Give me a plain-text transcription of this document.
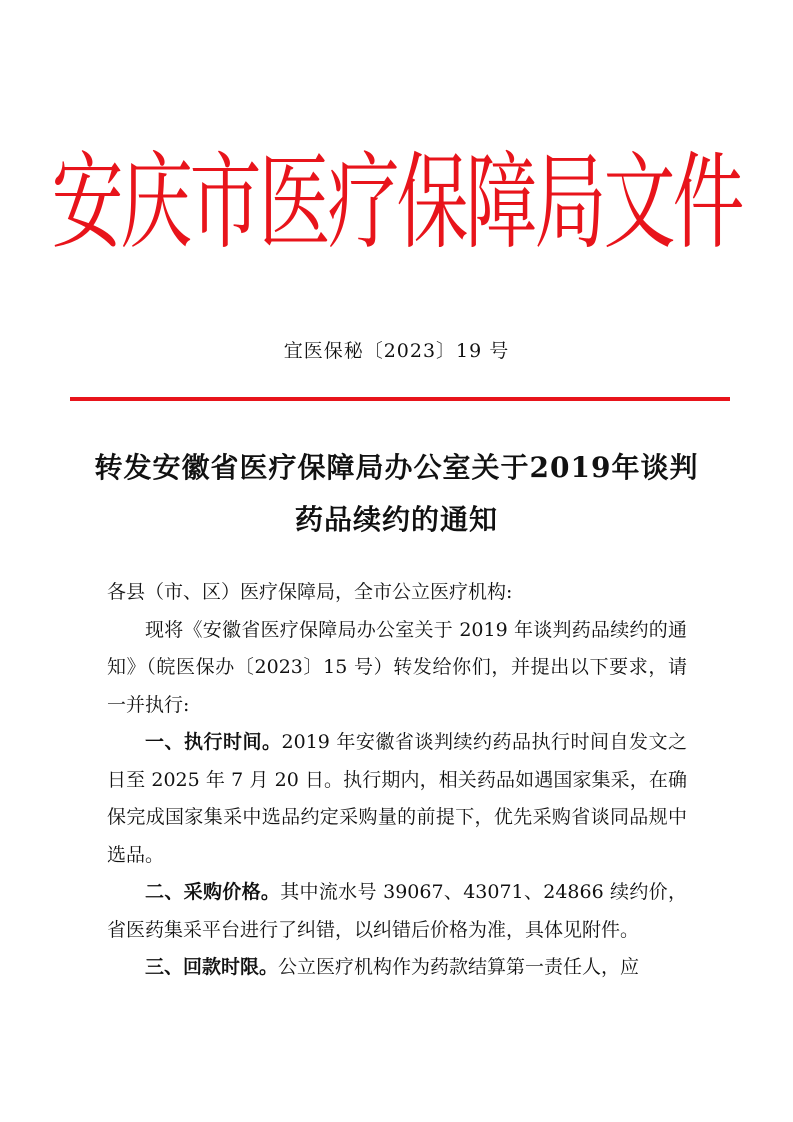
安庆市医疗保障局文件
宜医保秘〔2023〕19 号
转发安徽省医疗保障局办公室关于2019年谈判
药品续约的通知

各县（市、区）医疗保障局，全市公立医疗机构:

现将《安徽省医疗保障局办公室关于 2019 年谈判药品续约的通知》（皖医保办〔2023〕15 号）转发给你们，并提出以下要求，请一并执行:

一、执行时间。2019 年安徽省谈判续约药品执行时间自发文之日至 2025 年 7 月 20 日。执行期内，相关药品如遇国家集采，在确保完成国家集采中选品约定采购量的前提下，优先采购省谈同品规中选品。

二、采购价格。其中流水号 39067、43071、24866 续约价，省医药集采平台进行了纠错，以纠错后价格为准，具体见附件。

三、回款时限。公立医疗机构作为药款结算第一责任人，应
